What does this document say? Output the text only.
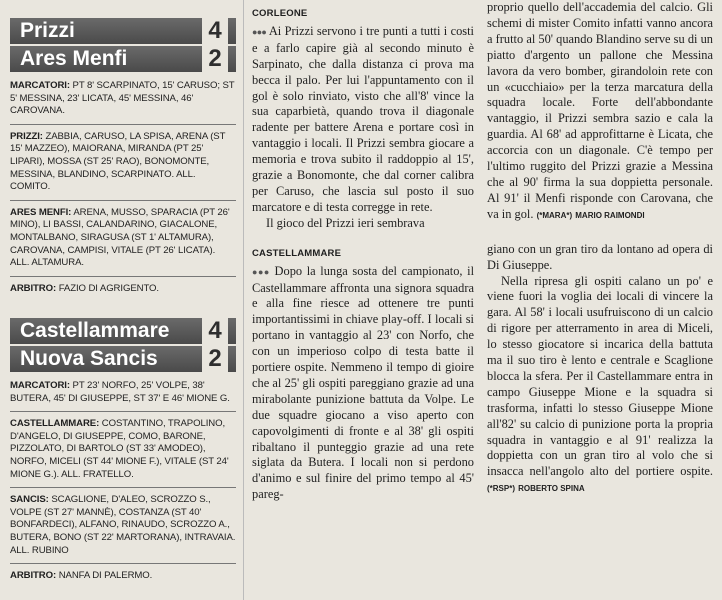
Prizzi	4
Ares Menfi	2

MARCATORI: PT 8' SCARPINATO, 15' CARUSO; ST 5' MESSINA, 23' LICATA, 45' MESSINA, 46' CAROVANA.

PRIZZI: ZABBIA, CARUSO, LA SPISA, ARENA (ST 15' MAZZEO), MAIORANA, MIRANDA (PT 25' LIPARI), MOSSA (ST 25' RAO), BONOMONTE, MESSINA, BLANDINO, SCARPINATO. ALL. COMITO.

ARES MENFI: ARENA, MUSSO, SPARACIA (PT 26' MINO), LI BASSI, CALANDARINO, GIACALONE, MONTALBANO, SIRAGUSA (ST 1' ALTAMURA), CAROVANA, CAMPISI, VITALE (PT 26' LICATA). ALL. ALTAMURA.

ARBITRO: FAZIO DI AGRIGENTO.

Castellammare 4
Nuova Sancis 2

MARCATORI: PT 23' NORFO, 25' VOLPE, 38' BUTERA, 45' DI GIUSEPPE, ST 37' E 46' MIONE G.

CASTELLAMMARE: COSTANTINO, TRAPOLINO, D'ANGELO, DI GIUSEPPE, COMO, BARONE, PIZZOLATO, DI BARTOLO (ST 33' AMODEO), NORFO, MICELI (ST 44' MIONE F.), VITALE (ST 24' MIONE G.). ALL. FRATELLO.

SANCIS: SCAGLIONE, D'ALEO, SCROZZO S., VOLPE (ST 27' MANNÈ), COSTANZA (ST 40' BONFARDECI), ALFANO, RINAUDO, SCROZZO A., BUTERA, BONO (ST 22' MARTORANA), INTRAVAIA. ALL. RUBINO

ARBITRO: NANFA DI PALERMO.

CORLEONE

●●● Ai Prizzi servono i tre punti a tutti i costi e a farlo capire già al secondo minuto è Sarpinato, che dalla distanza ci prova ma becca il palo. Per lui l'appuntamento con il gol è solo rinviato, visto che all'8' vince la sua caparbietà, quando trova il diagonale radente per battere Arena e portare così in vantaggio i locali. Il Prizzi sembra giocare a memoria e trova subito il raddoppio al 15', grazie a Bonomonte, che dal corner calibra per Caruso, che lascia sul posto il suo marcatore e di testa corregge in rete.

Il gioco del Prizzi ieri sembrava

CASTELLAMMARE

●●● Dopo la lunga sosta del campionato, il Castellammare affronta una signora squadra e alla fine riesce ad ottenere tre punti importantissimi in chiave play-off. I locali si portano in vantaggio al 23' con Norfo, che con un imperioso colpo di testa batte il portiere ospite. Nemmeno il tempo di gioire che al 25' gli ospiti pareggiano grazie ad una mirabolante punizione battuta da Volpe. Le due squadre giocano a viso aperto con capovolgimenti di fronte e al 38' gli ospiti ribaltano il punteggio grazie ad una rete siglata da Butera. I locali non si perdono d'animo e sul finire del primo tempo al 45' pareg-

proprio quello dell'accademia del calcio. Gli schemi di mister Comito infatti vanno ancora a frutto al 50' quando Blandino serve su di un piatto d'argento un pallone che Messina lavora da vero bomber, girandoloin rete con un «cucchiaio» per la terza marcatura della squadra locale. Forte dell'abbondante vantaggio, il Prizzi sembra sazio e cala la guardia. Al 68' ad approfittarne è Licata, che accorcia con un diagonale. C'è tempo per l'ultimo ruggito del Prizzi grazie a Messina che al 90' firma la sua doppietta personale. Al 91' il Menfi risponde con Carovana, che va in gol. (*MARA*) MARIO RAIMONDI

giano con un gran tiro da lontano ad opera di Di Giuseppe.

Nella ripresa gli ospiti calano un po' e viene fuori la voglia dei locali di vincere la gara. Al 58' i locali usufruiscono di un calcio di rigore per atterramento in area di Miceli, lo stesso giocatore si incarica della battuta ma il suo tiro è lento e centrale e Scaglione blocca la sfera. Per il Castellammare entra in campo Giuseppe Mione e la squadra si trasforma, infatti lo stesso Giuseppe Mione all'82' su calcio di punizione porta la propria squadra in vantaggio e al 91' realizza la doppietta con un gran tiro al volo che si insacca nell'angolo alto del portiere ospite. (*RSP*) ROBERTO SPINA
